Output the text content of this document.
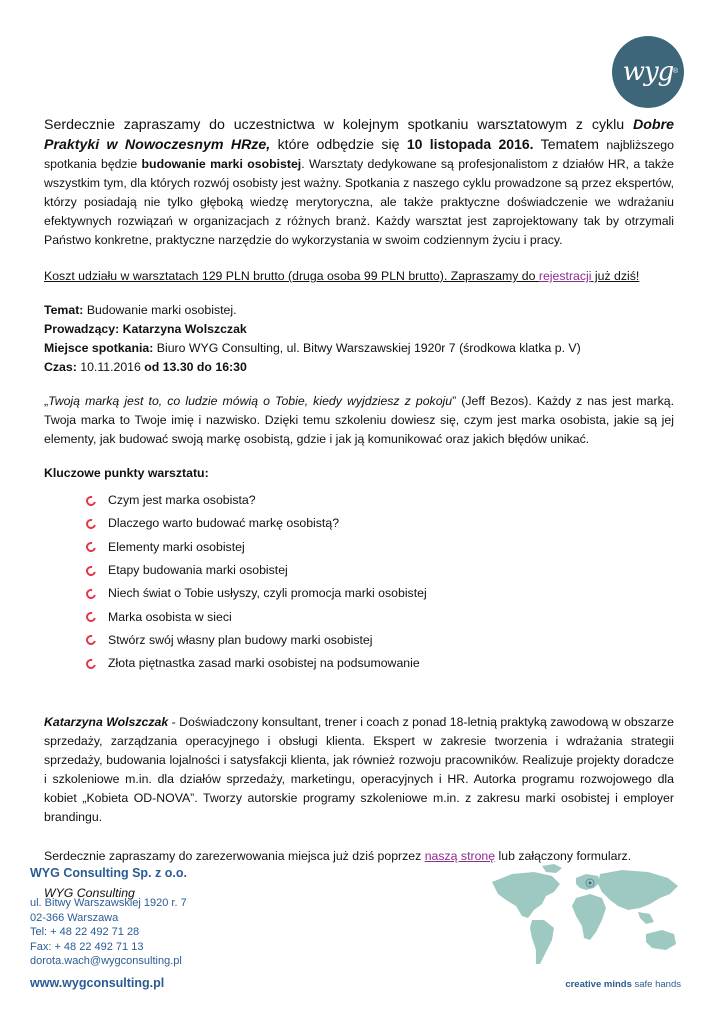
wyg ®

Serdecznie zapraszamy do uczestnictwa w kolejnym spotkaniu warsztatowym z cyklu Dobre Praktyki w Nowoczesnym HRze, które odbędzie się 10 listopada 2016. Tematem najbliższego spotkania będzie budowanie marki osobistej. Warsztaty dedykowane są profesjonalistom z działów HR, a także wszystkim tym, dla których rozwój osobisty jest ważny. Spotkania z naszego cyklu prowadzone są przez ekspertów, którzy posiadają nie tylko głęboką wiedzę merytoryczna, ale także praktyczne doświadczenie we wdrażaniu efektywnych rozwiązań w organizacjach z różnych branż. Każdy warsztat jest zaprojektowany tak by otrzymali Państwo konkretne, praktyczne narzędzie do wykorzystania w swoim codziennym życiu i pracy.

Koszt udziału w warsztatach 129 PLN brutto (druga osoba 99 PLN brutto). Zapraszamy do rejestracji już dziś!

Temat: Budowanie marki osobistej.

Prowadzący: Katarzyna Wolszczak

Miejsce spotkania: Biuro WYG Consulting, ul. Bitwy Warszawskiej 1920r 7 (środkowa klatka p. V)

Czas: 10.11.2016 od 13.30 do 16:30

„Twoją marką jest to, co ludzie mówią o Tobie, kiedy wyjdziesz z pokoju” (Jeff Bezos). Każdy z nas jest marką. Twoja marka to Twoje imię i nazwisko. Dzięki temu szkoleniu dowiesz się, czym jest marka osobista, jakie są jej elementy, jak budować swoją markę osobistą, gdzie i jak ją komunikować oraz jakich błędów unikać.

Kluczowe punkty warsztatu:

Czym jest marka osobista?
Dlaczego warto budować markę osobistą?
Elementy marki osobistej
Etapy budowania marki osobistej
Niech świat o Tobie usłyszy, czyli promocja marki osobistej
Marka osobista w sieci
Stwórz swój własny plan budowy marki osobistej
Złota piętnastka zasad marki osobistej na podsumowanie

Katarzyna Wolszczak - Doświadczony konsultant, trener i coach z ponad 18-letnią praktyką zawodową w obszarze sprzedaży, zarządzania operacyjnego i obsługi klienta. Ekspert w zakresie tworzenia i wdrażania strategii sprzedaży, budowania lojalności i satysfakcji klienta, jak również rozwoju pracowników. Realizuje projekty doradcze i szkoleniowe m.in. dla działów sprzedaży, marketingu, operacyjnych i HR. Autorka programu rozwojowego dla kobiet „Kobieta OD-NOVA”. Tworzy autorskie programy szkoleniowe m.in. z zakresu marki osobistej i employer brandingu.

Serdecznie zapraszamy do zarezerwowania miejsca już dziś poprzez naszą stronę lub załączony formularz.

WYG Consulting

WYG Consulting Sp. z o.o.
ul. Bitwy Warszawskiej 1920 r. 7
02-366 Warszawa
Tel: + 48 22 492 71 28
Fax: + 48 22 492 71 13
dorota.wach@wygconsulting.pl
www.wygconsulting.pl	creative minds safe hands
